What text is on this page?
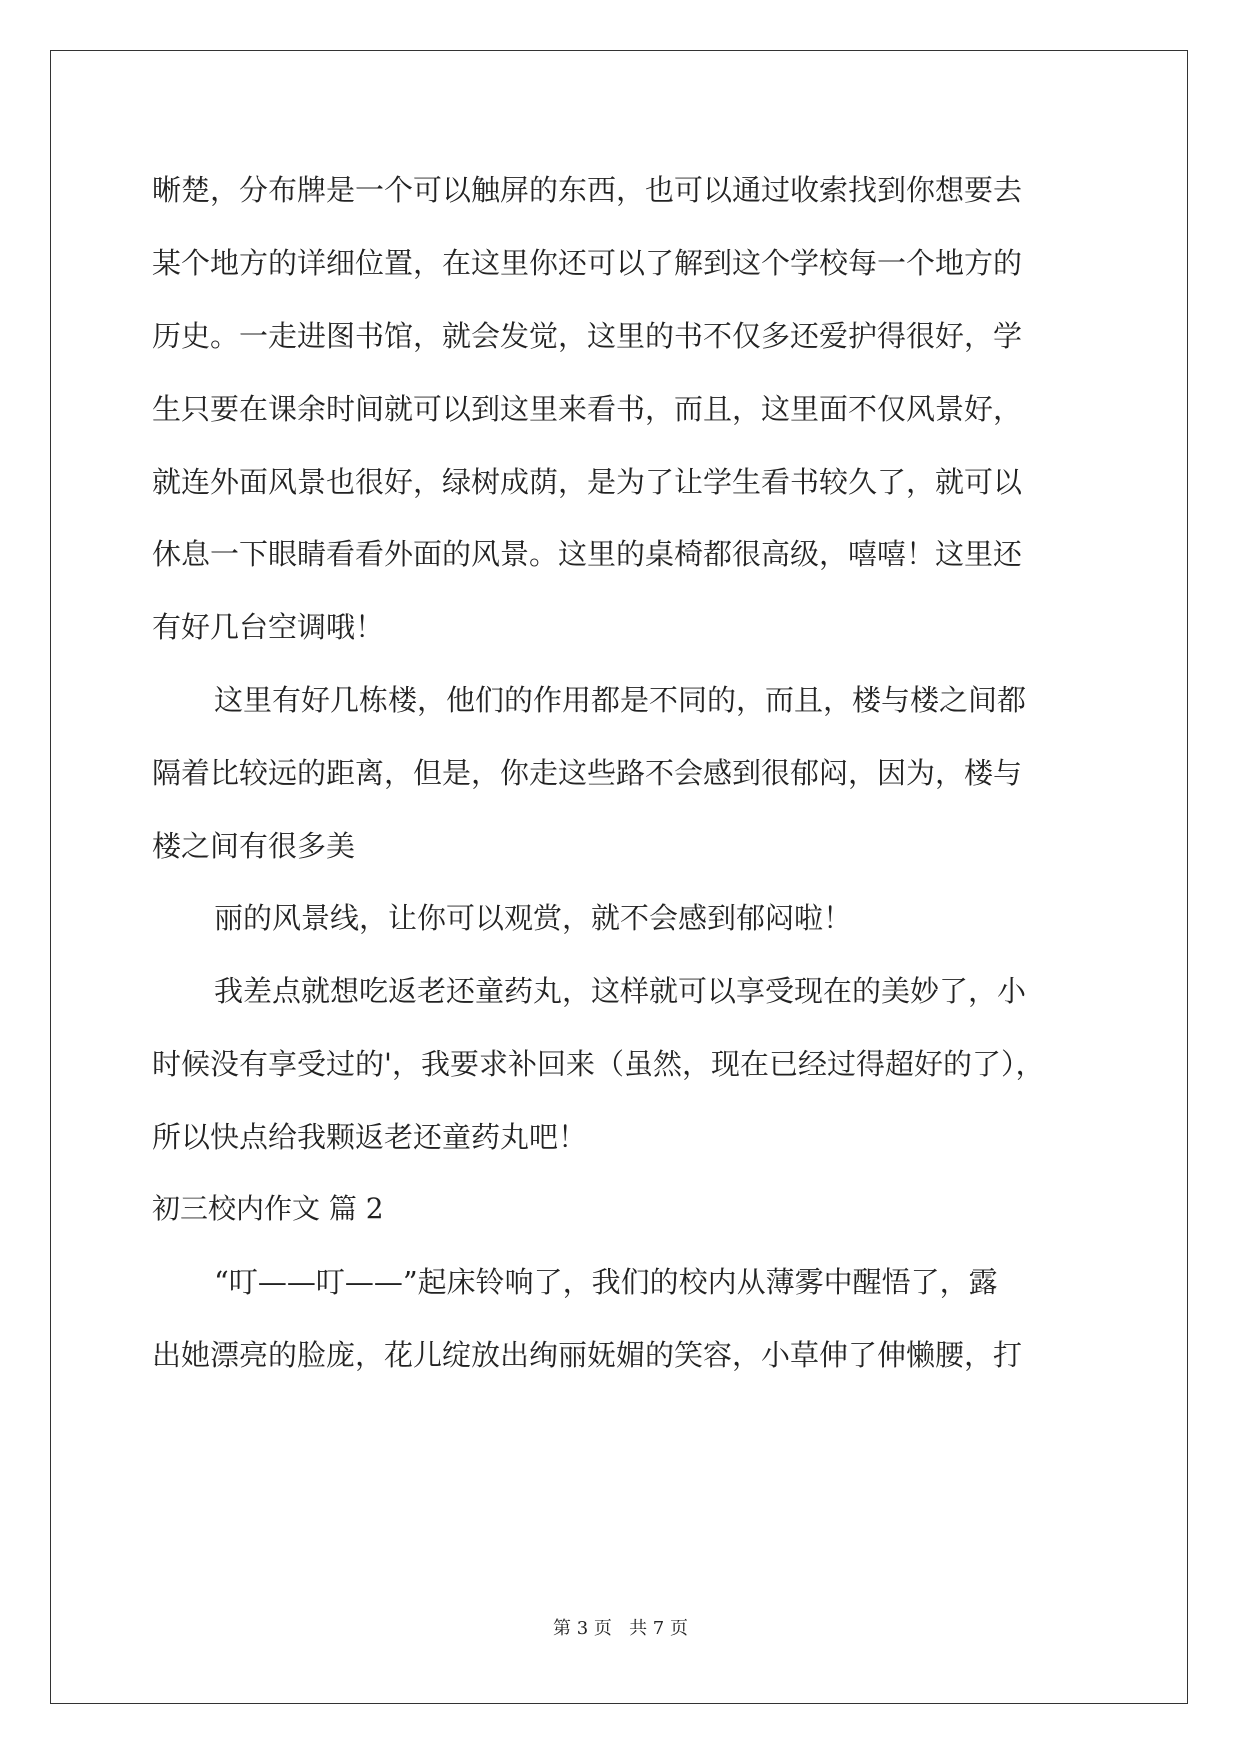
晰楚，分布牌是一个可以触屏的东西，也可以通过收索找到你想要去

某个地方的详细位置，在这里你还可以了解到这个学校每一个地方的

历史。一走进图书馆，就会发觉，这里的书不仅多还爱护得很好，学

生只要在课余时间就可以到这里来看书，而且，这里面不仅风景好，

就连外面风景也很好，绿树成荫，是为了让学生看书较久了，就可以

休息一下眼睛看看外面的风景。这里的桌椅都很高级，嘻嘻！这里还

有好几台空调哦！

这里有好几栋楼，他们的作用都是不同的，而且，楼与楼之间都

隔着比较远的距离，但是，你走这些路不会感到很郁闷，因为，楼与

楼之间有很多美

丽的风景线，让你可以观赏，就不会感到郁闷啦！

我差点就想吃返老还童药丸，这样就可以享受现在的美妙了，小

时候没有享受过的'，我要求补回来（虽然，现在已经过得超好的了），

所以快点给我颗返老还童药丸吧！

初三校内作文 篇 2

“叮——叮——”起床铃响了，我们的校内从薄雾中醒悟了，露

出她漂亮的脸庞，花儿绽放出绚丽妩媚的笑容，小草伸了伸懒腰，打

第 3 页   共 7 页
